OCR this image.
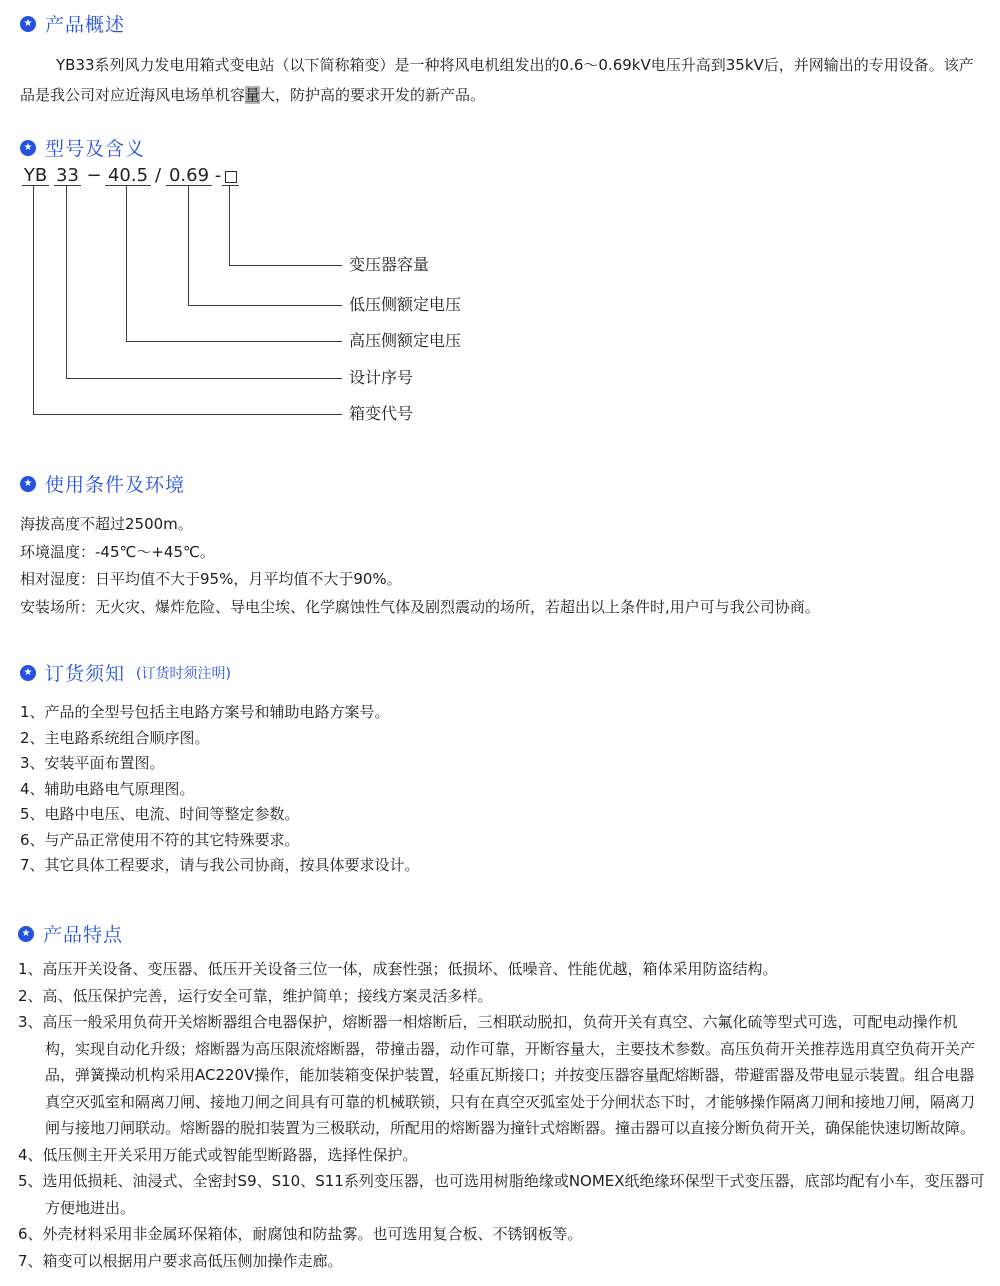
★ 产品概述

YB33系列风力发电用箱式变电站（以下简称箱变）是一种将风电机组发出的0.6～0.69kV电压升高到35kV后，并网输出的专用设备。该产品是我公司对应近海风电场单机容量大，防护高的要求开发的新产品。

★ 型号及含义
YB 33 − 40.5 / 0.69 -
变压器容量
低压侧额定电压
高压侧额定电压
设计序号
箱变代号
★ 使用条件及环境
海拔高度不超过2500m。
环境温度：-45℃～+45℃。
相对湿度：日平均值不大于95%，月平均值不大于90%。
安装场所：无火灾、爆炸危险、导电尘埃、化学腐蚀性气体及剧烈震动的场所，若超出以上条件时,用户可与我公司协商。
★ 订货须知 (订货时须注明)
1、产品的全型号包括主电路方案号和辅助电路方案号。
2、主电路系统组合顺序图。
3、安装平面布置图。
4、辅助电路电气原理图。
5、电路中电压、电流、时间等整定参数。
6、与产品正常使用不符的其它特殊要求。
7、其它具体工程要求，请与我公司协商，按具体要求设计。
★ 产品特点
1、高压开关设备、变压器、低压开关设备三位一体，成套性强；低损坏、低噪音、性能优越，箱体采用防盗结构。
2、高、低压保护完善，运行安全可靠，维护简单；接线方案灵活多样。
3、高压一般采用负荷开关熔断器组合电器保护，熔断器一相熔断后，三相联动脱扣，负荷开关有真空、六氟化硫等型式可选，可配电动操作机构，实现自动化升级；熔断器为高压限流熔断器，带撞击器，动作可靠，开断容量大，主要技术参数。高压负荷开关推荐选用真空负荷开关产品，弹簧操动机构采用AC220V操作，能加装箱变保护装置，轻重瓦斯接口；并按变压器容量配熔断器，带避雷器及带电显示装置。组合电器真空灭弧室和隔离刀闸、接地刀闸之间具有可靠的机械联锁，只有在真空灭弧室处于分闸状态下时，才能够操作隔离刀闸和接地刀闸，隔离刀闸与接地刀闸联动。熔断器的脱扣装置为三极联动，所配用的熔断器为撞针式熔断器。撞击器可以直接分断负荷开关，确保能快速切断故障。
4、低压侧主开关采用万能式或智能型断路器，选择性保护。
5、选用低损耗、油浸式、全密封S9、S10、S11系列变压器，也可选用树脂绝缘或NOMEX纸绝缘环保型干式变压器，底部均配有小车，变压器可方便地进出。
6、外壳材料采用非金属环保箱体，耐腐蚀和防盐雾。也可选用复合板、不锈钢板等。
7、箱变可以根据用户要求高低压侧加操作走廊。
